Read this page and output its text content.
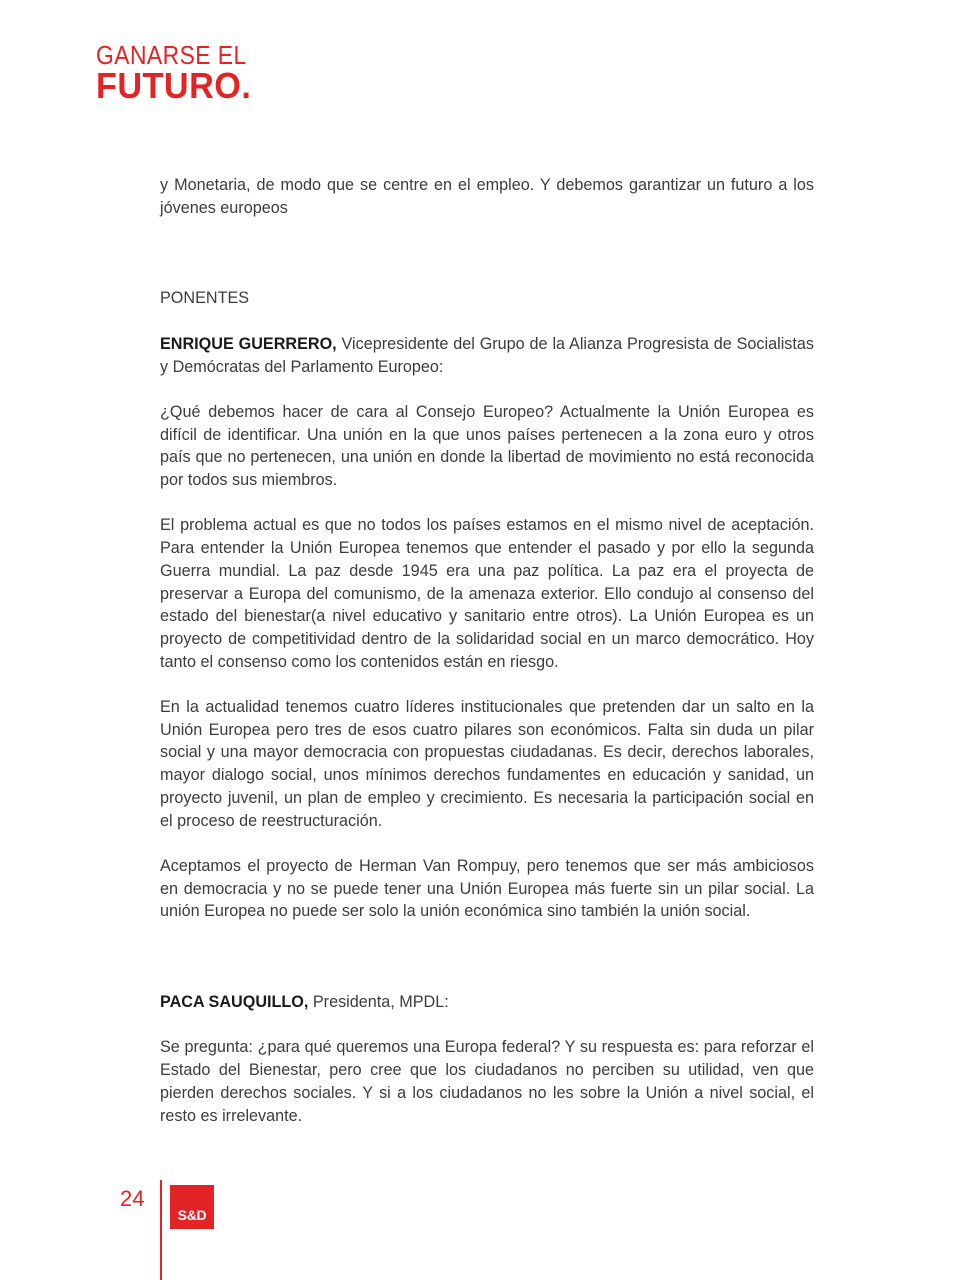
GANARSE EL
FUTURO.

y Monetaria, de modo que se centre en el empleo. Y debemos garantizar un futuro a los jóvenes europeos

PONENTES

ENRIQUE GUERRERO, Vicepresidente del Grupo de la Alianza Progresista de Socialistas y Demócratas del Parlamento Europeo:

¿Qué debemos hacer de cara al Consejo Europeo? Actualmente la Unión Europea es difícil de identificar. Una unión en la que unos países pertenecen a la zona euro y otros país que no pertenecen, una unión en donde la libertad de movimiento no está reconocida por todos sus miembros.

El problema actual es que no todos los países estamos en el mismo nivel de aceptación. Para entender la Unión Europea tenemos que entender el pasado y por ello la segunda Guerra mundial. La paz desde 1945 era una paz política. La paz era el proyecta de preservar a Europa del comunismo, de la amenaza exterior. Ello condujo al consenso del estado del bienestar(a nivel educativo y sanitario entre otros). La Unión Europea es un proyecto de competitividad dentro de la solidaridad social en un marco democrático. Hoy tanto el consenso como los contenidos están en riesgo.

En la actualidad tenemos cuatro líderes institucionales que pretenden dar un salto en la Unión Europea pero tres de esos cuatro pilares son económicos. Falta sin duda un pilar social y una mayor democracia con propuestas ciudadanas. Es decir, derechos laborales, mayor dialogo social, unos mínimos derechos fundamentes en educación y sanidad, un proyecto juvenil, un plan de empleo y crecimiento. Es necesaria la participación social en el proceso de reestructuración.

Aceptamos el proyecto de Herman Van Rompuy, pero tenemos que ser más ambiciosos en democracia y no se puede tener una Unión Europea más fuerte sin un pilar social. La unión Europea no puede ser solo la unión económica sino también la unión social.

PACA SAUQUILLO, Presidenta, MPDL:

Se pregunta: ¿para qué queremos una Europa federal? Y su respuesta es: para reforzar el Estado del Bienestar, pero cree que los ciudadanos no perciben su utilidad, ven que pierden derechos sociales. Y si a los ciudadanos no les sobre la Unión a nivel social, el resto es irrelevante.

24
S&D
